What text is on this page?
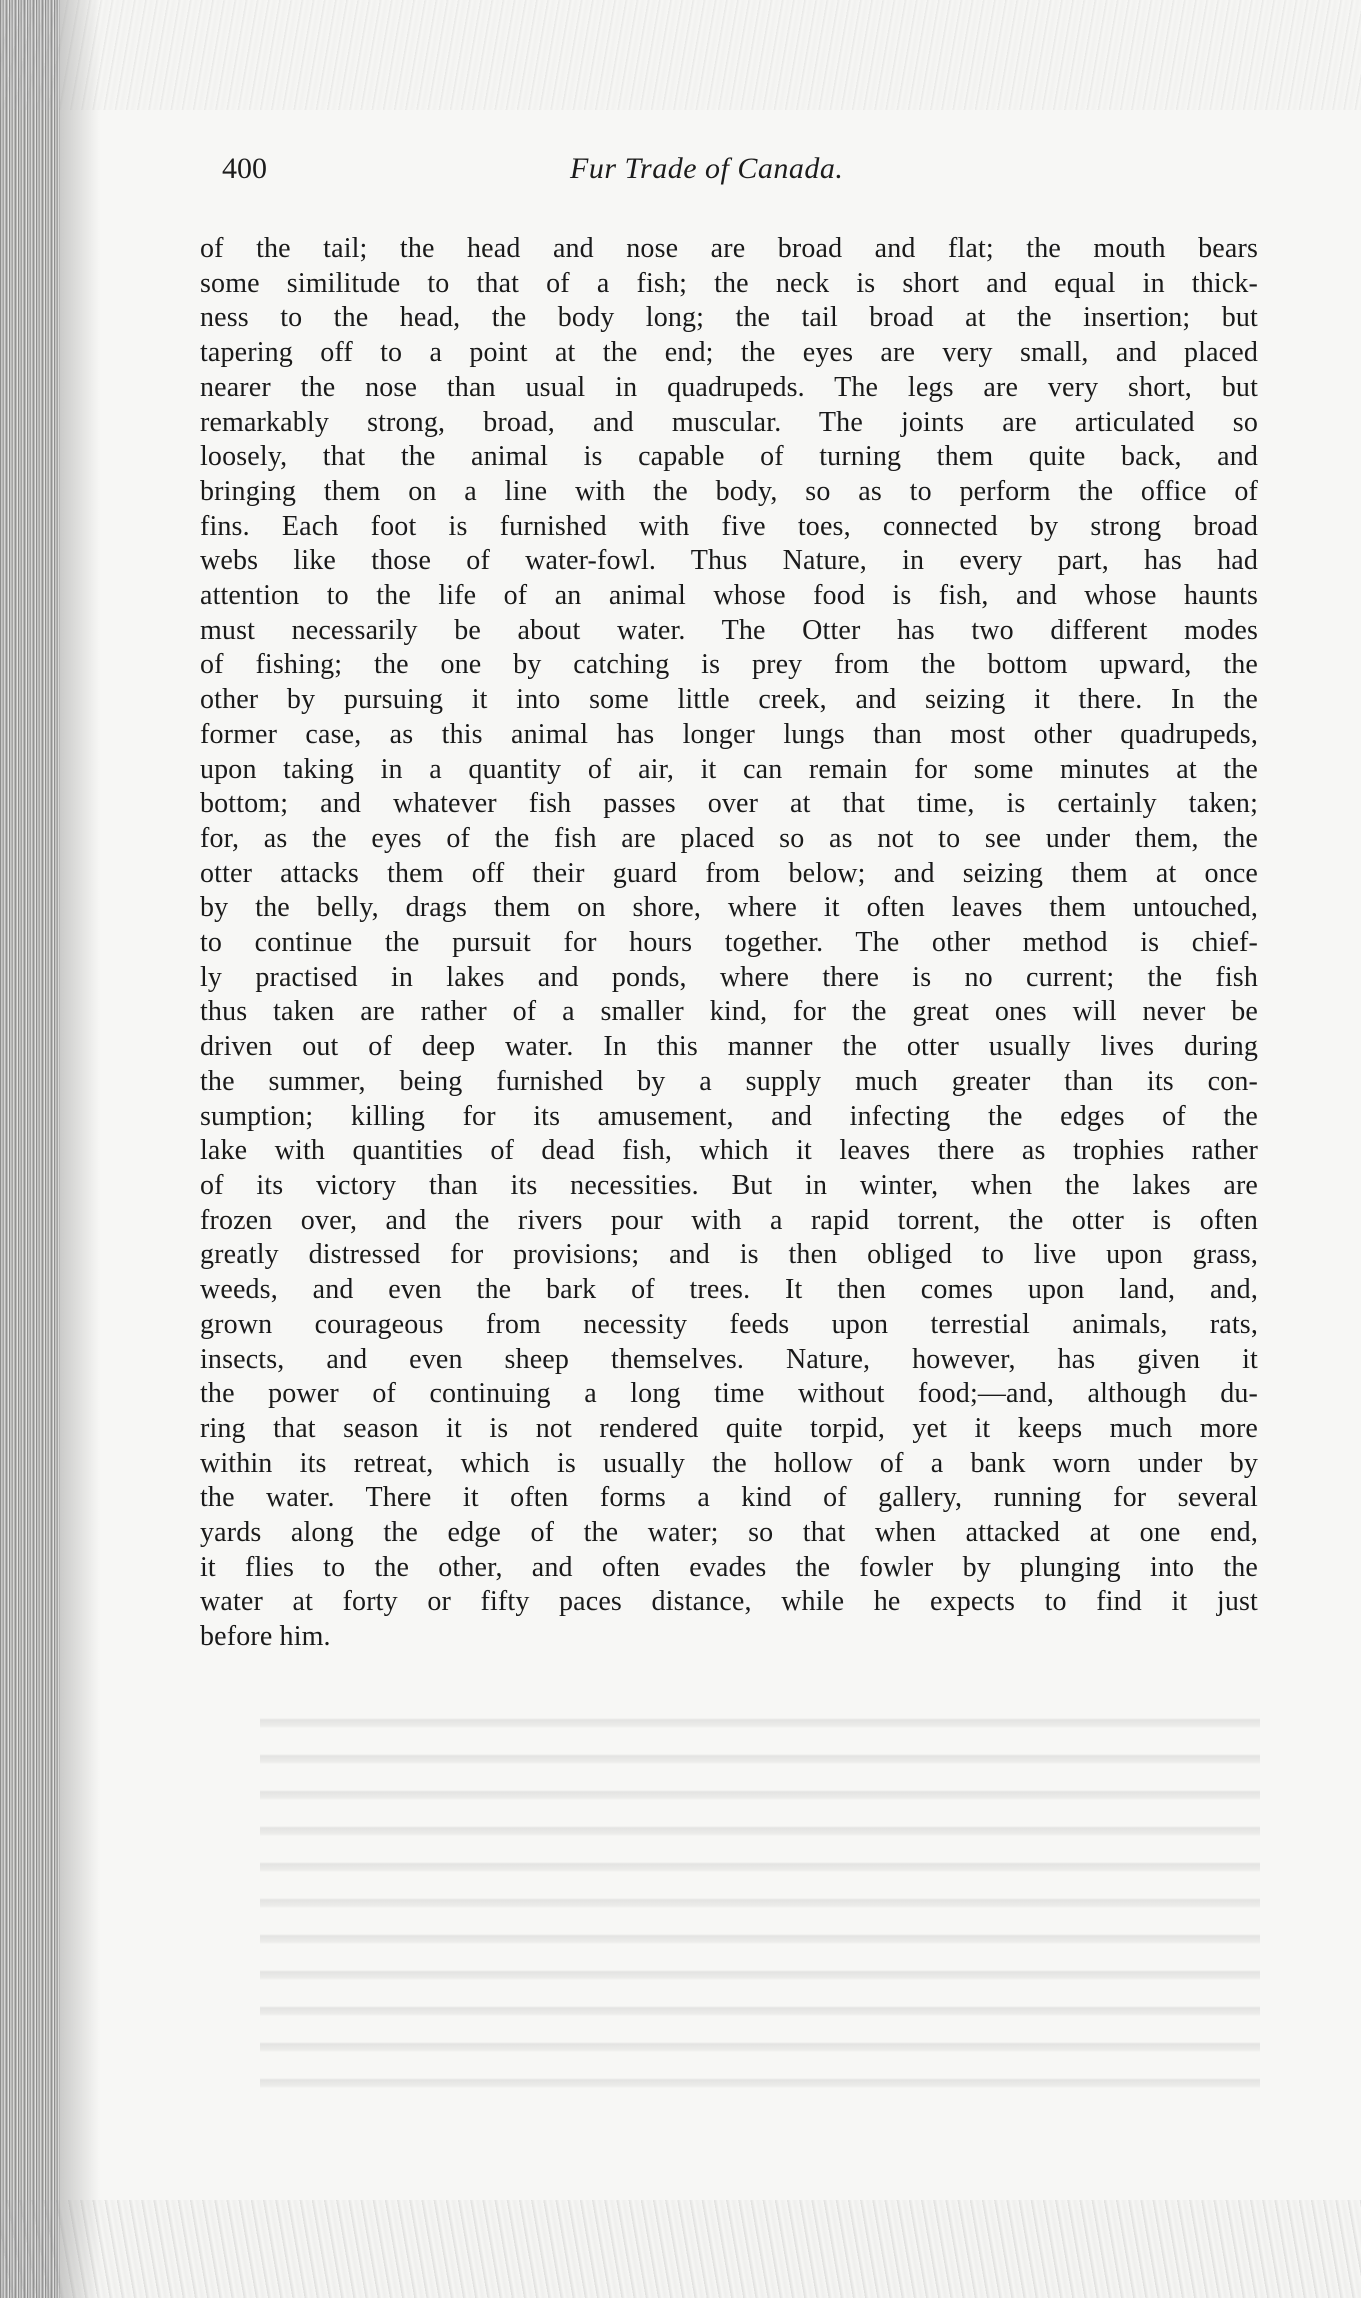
400	Fur Trade of Canada.
of the tail; the head and nose are broad and flat; the mouth bears
some similitude to that of a fish; the neck is short and equal in thick-
ness to the head, the body long; the tail broad at the insertion; but
tapering off to a point at the end; the eyes are very small, and placed
nearer the nose than usual in quadrupeds. The legs are very short, but
remarkably strong, broad, and muscular. The joints are articulated so
loosely, that the animal is capable of turning them quite back, and
bringing them on a line with the body, so as to perform the office of
fins. Each foot is furnished with five toes, connected by strong broad
webs like those of water-fowl. Thus Nature, in every part, has had
attention to the life of an animal whose food is fish, and whose haunts
must necessarily be about water. The Otter has two different modes
of fishing; the one by catching is prey from the bottom upward, the
other by pursuing it into some little creek, and seizing it there. In the
former case, as this animal has longer lungs than most other quadrupeds,
upon taking in a quantity of air, it can remain for some minutes at the
bottom; and whatever fish passes over at that time, is certainly taken;
for, as the eyes of the fish are placed so as not to see under them, the
otter attacks them off their guard from below; and seizing them at once
by the belly, drags them on shore, where it often leaves them untouched,
to continue the pursuit for hours together. The other method is chief-
ly practised in lakes and ponds, where there is no current; the fish
thus taken are rather of a smaller kind, for the great ones will never be
driven out of deep water. In this manner the otter usually lives during
the summer, being furnished by a supply much greater than its con-
sumption; killing for its amusement, and infecting the edges of the
lake with quantities of dead fish, which it leaves there as trophies rather
of its victory than its necessities. But in winter, when the lakes are
frozen over, and the rivers pour with a rapid torrent, the otter is often
greatly distressed for provisions; and is then obliged to live upon grass,
weeds, and even the bark of trees. It then comes upon land, and,
grown courageous from necessity feeds upon terrestial animals, rats,
insects, and even sheep themselves. Nature, however, has given it
the power of continuing a long time without food;—and, although du-
ring that season it is not rendered quite torpid, yet it keeps much more
within its retreat, which is usually the hollow of a bank worn under by
the water. There it often forms a kind of gallery, running for several
yards along the edge of the water; so that when attacked at one end,
it flies to the other, and often evades the fowler by plunging into the
water at forty or fifty paces distance, while he expects to find it just
before him.
